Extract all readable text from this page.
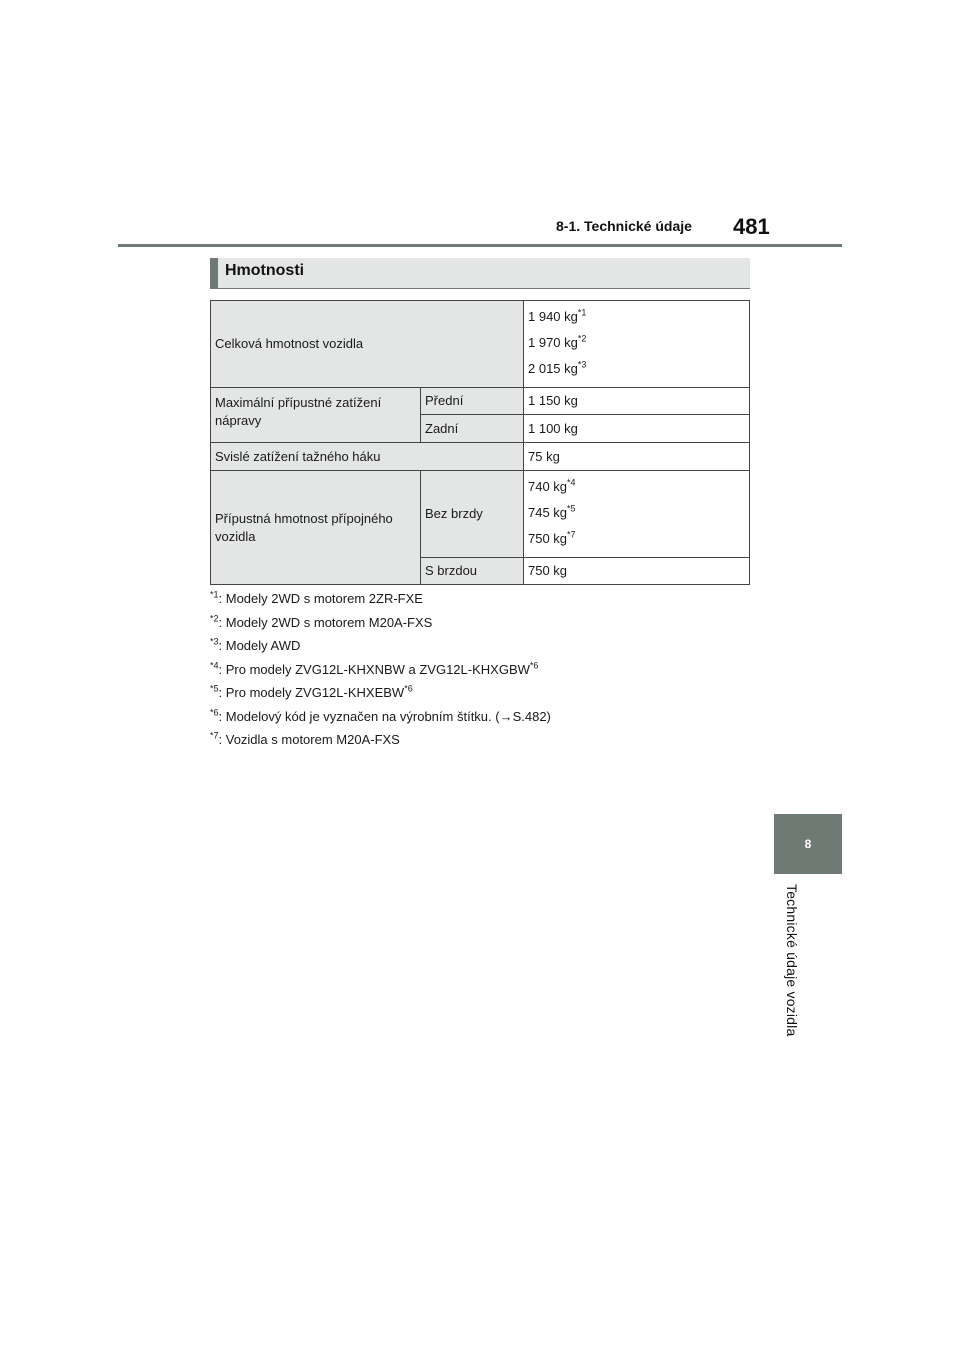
8-1. Technické údaje 481
8
Technické údaje vozidla
Hmotnosti
Celková hmotnost vozidla		1 940 $kg^{*1}$
1 970 $kg^{*2}$
2 015 $kg^{*3}$

Maximální přípustné zatížení nápravy	Přední	1 150 kg
	Zadní	1 100 kg
Svislé zatížení tažného háku		75 kg
Přípustná hmotnost přípojného vozidla	Bez brzdy	740 $kg^{*4}$
745 $kg^{*5}$
750 $kg^{*7}$

	S brzdou	750 kg
$^{*1}$: Modely 2WD s motorem 2ZR-FXE
$^{*2}$: Modely 2WD s motorem M20A-FXS
$^{*3}$: Modely AWD
$^{*4}$: Pro modely ZVG12L-KHXNBW a ZVG12L-KHXGBW$^{*6}$
$^{*5}$: Pro modely ZVG12L-KHXEBW$^{*6}$
$^{*6}$: Modelový kód je vyznačen na výrobním štítku. (→S.482)
$^{*7}$: Vozidla s motorem M20A-FXS
